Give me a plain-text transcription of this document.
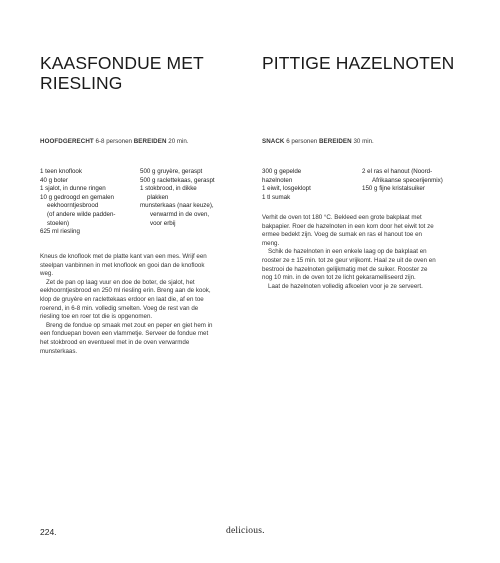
KAASFONDUE MET
RIESLING
HOOFDGERECHT 6-8 personen BEREIDEN 20 min.
1 teen knoflook
40 g boter
1 sjalot, in dunne ringen
10 g gedroogd en gemalen
eekhoorntjesbrood
(of andere wilde padden-
stoelen)
625 ml riesling
500 g gruyère, geraspt
500 g raclettekaas, geraspt
1 stokbrood, in dikke
plakken
munsterkaas (naar keuze),
verwarmd in de oven,
voor erbij

Kneus de knoflook met de platte kant van een mes. Wrijf een

steelpan vanbinnen in met knoflook en gooi dan de knoflook

weg.

Zet de pan op laag vuur en doe de boter, de sjalot, het

eekhoorntjesbrood en 250 ml riesling erin. Breng aan de kook,

klop de gruyère en raclettekaas erdoor en laat die, af en toe

roerend, in 6-8 min. volledig smelten. Voeg de rest van de

riesling toe en roer tot die is opgenomen.

Breng de fondue op smaak met zout en peper en giet hem in

een fonduepan boven een vlammetje. Serveer de fondue met

het stokbrood en eventueel met in de oven verwarmde

munsterkaas.

PITTIGE HAZELNOTEN
SNACK 6 personen BEREIDEN 30 min.
300 g gepelde
hazelnoten
1 eiwit, losgeklopt
1 tl sumak
2 el ras el hanout (Noord-
Afrikaanse specerijenmix)
150 g fijne kristalsuiker

Verhit de oven tot 180 °C. Bekleed een grote bakplaat met

bakpapier. Roer de hazelnoten in een kom door het eiwit tot ze

ermee bedekt zijn. Voeg de sumak en ras el hanout toe en

meng.

Schik de hazelnoten in een enkele laag op de bakplaat en

rooster ze ± 15 min. tot ze geur vrijkomt. Haal ze uit de oven en

bestrooi de hazelnoten gelijkmatig met de suiker. Rooster ze

nog 10 min. in de oven tot ze licht gekaramelliseerd zijn.

Laat de hazelnoten volledig afkoelen voor je ze serveert.

224.	delicious.
